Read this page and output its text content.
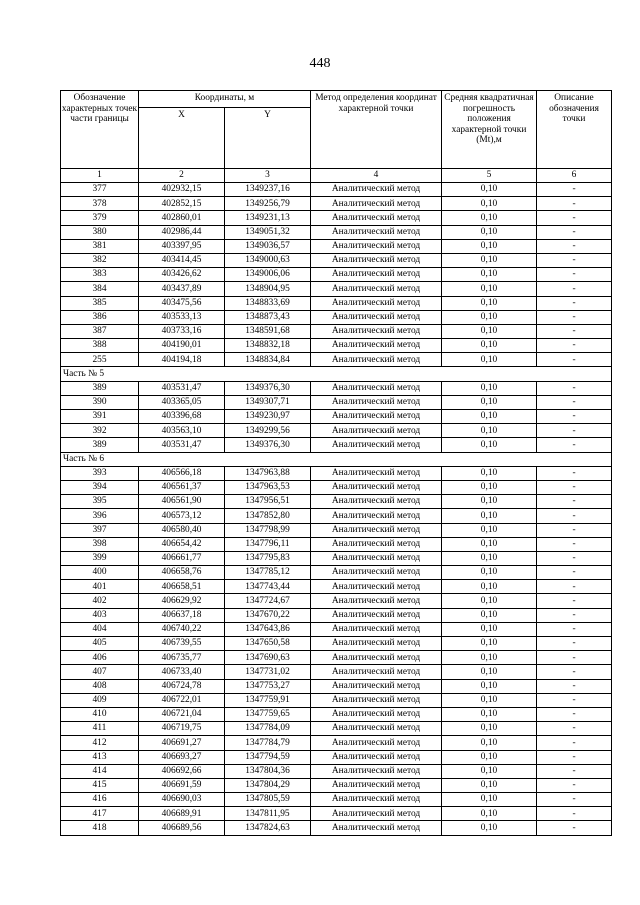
448
Обозначение характерных точек части границы	Координаты, м		Метод определения координат характерной точки	Средняя квадратичная погрешность положения характерной точки (Mt),м	Описание обозначения точки
	X	Y			
1	2	3	4	5	6
377	402932,15	1349237,16	Аналитический метод	0,10	-
378	402852,15	1349256,79	Аналитический метод	0,10	-
379	402860,01	1349231,13	Аналитический метод	0,10	-
380	402986,44	1349051,32	Аналитический метод	0,10	-
381	403397,95	1349036,57	Аналитический метод	0,10	-
382	403414,45	1349000,63	Аналитический метод	0,10	-
383	403426,62	1349006,06	Аналитический метод	0,10	-
384	403437,89	1348904,95	Аналитический метод	0,10	-
385	403475,56	1348833,69	Аналитический метод	0,10	-
386	403533,13	1348873,43	Аналитический метод	0,10	-
387	403733,16	1348591,68	Аналитический метод	0,10	-
388	404190,01	1348832,18	Аналитический метод	0,10	-
255	404194,18	1348834,84	Аналитический метод	0,10	-
Часть № 5					
389	403531,47	1349376,30	Аналитический метод	0,10	-
390	403365,05	1349307,71	Аналитический метод	0,10	-
391	403396,68	1349230,97	Аналитический метод	0,10	-
392	403563,10	1349299,56	Аналитический метод	0,10	-
389	403531,47	1349376,30	Аналитический метод	0,10	-
Часть № 6					
393	406566,18	1347963,88	Аналитический метод	0,10	-
394	406561,37	1347963,53	Аналитический метод	0,10	-
395	406561,90	1347956,51	Аналитический метод	0,10	-
396	406573,12	1347852,80	Аналитический метод	0,10	-
397	406580,40	1347798,99	Аналитический метод	0,10	-
398	406654,42	1347796,11	Аналитический метод	0,10	-
399	406661,77	1347795,83	Аналитический метод	0,10	-
400	406658,76	1347785,12	Аналитический метод	0,10	-
401	406658,51	1347743,44	Аналитический метод	0,10	-
402	406629,92	1347724,67	Аналитический метод	0,10	-
403	406637,18	1347670,22	Аналитический метод	0,10	-
404	406740,22	1347643,86	Аналитический метод	0,10	-
405	406739,55	1347650,58	Аналитический метод	0,10	-
406	406735,77	1347690,63	Аналитический метод	0,10	-
407	406733,40	1347731,02	Аналитический метод	0,10	-
408	406724,78	1347753,27	Аналитический метод	0,10	-
409	406722,01	1347759,91	Аналитический метод	0,10	-
410	406721,04	1347759,65	Аналитический метод	0,10	-
411	406719,75	1347784,09	Аналитический метод	0,10	-
412	406691,27	1347784,79	Аналитический метод	0,10	-
413	406693,27	1347794,59	Аналитический метод	0,10	-
414	406692,66	1347804,36	Аналитический метод	0,10	-
415	406691,59	1347804,29	Аналитический метод	0,10	-
416	406690,03	1347805,59	Аналитический метод	0,10	-
417	406689,91	1347811,95	Аналитический метод	0,10	-
418	406689,56	1347824,63	Аналитический метод	0,10	-
